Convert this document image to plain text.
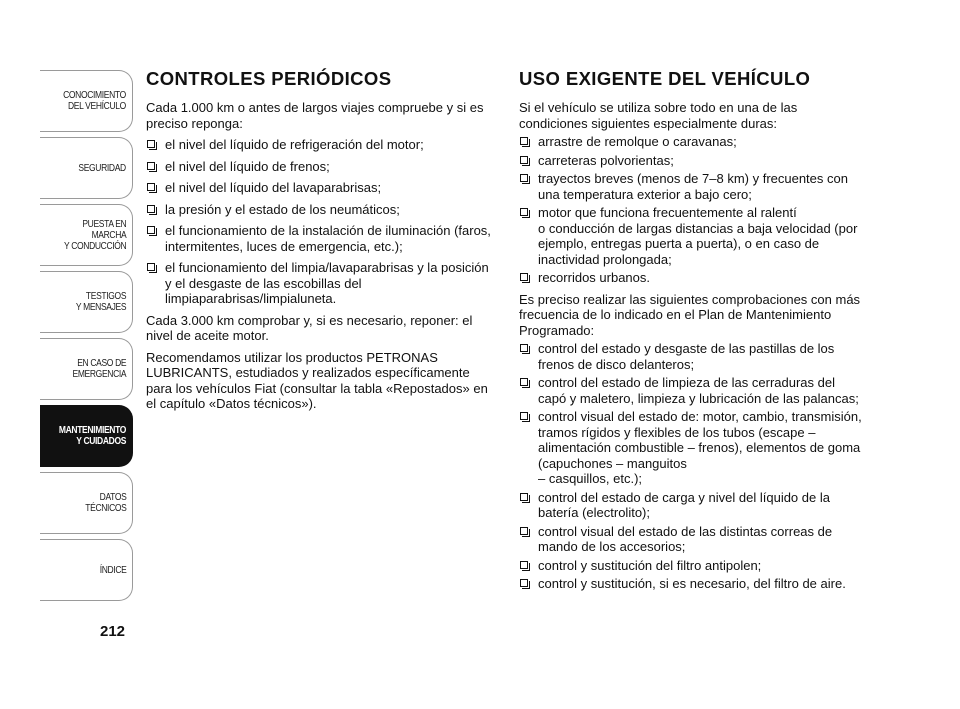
CONOCIMIENTO
DEL VEHÍCULO
SEGURIDAD
PUESTA EN
MARCHA
Y CONDUCCIÓN
TESTIGOS
Y MENSAJES
EN CASO DE
EMERGENCIA
MANTENIMIENTO
Y CUIDADOS
DATOS
TÉCNICOS
ÍNDICE
212
CONTROLES PERIÓDICOS

Cada 1.000 km o antes de largos viajes compruebe y si es preciso reponga:

el nivel del líquido de refrigeración del motor;
el nivel del líquido de frenos;
el nivel del líquido del lavaparabrisas;
la presión y el estado de los neumáticos;
el funcionamiento de la instalación de iluminación (faros, intermitentes, luces de emergencia, etc.);
el funcionamiento del limpia/lavaparabrisas y la posición y el desgaste de las escobillas del limpiaparabrisas/limpialuneta.

Cada 3.000 km comprobar y, si es necesario, reponer: el nivel de aceite motor.

Recomendamos utilizar los productos PETRONAS LUBRICANTS, estudiados y realizados específicamente para los vehículos Fiat (consultar la tabla «Repostados» en el capítulo «Datos técnicos»).

USO EXIGENTE DEL VEHÍCULO

Si el vehículo se utiliza sobre todo en una de las condiciones siguientes especialmente duras:

arrastre de remolque o caravanas;
carreteras polvorientas;
trayectos breves (menos de 7–8 km) y frecuentes con una temperatura exterior a bajo cero;
motor que funciona frecuentemente al ralentí
o conducción de largas distancias a baja velocidad (por ejemplo, entregas puerta a puerta), o en caso de inactividad prolongada;
recorridos urbanos.

Es preciso realizar las siguientes comprobaciones con más frecuencia de lo indicado en el Plan de Mantenimiento Programado:

control del estado y desgaste de las pastillas de los frenos de disco delanteros;
control del estado de limpieza de las cerraduras del capó y maletero, limpieza y lubricación de las palancas;
control visual del estado de: motor, cambio, transmisión, tramos rígidos y flexibles de los tubos (escape – alimentación combustible – frenos), elementos de goma (capuchones – manguitos
– casquillos, etc.);
control del estado de carga y nivel del líquido de la batería (electrolito);
control visual del estado de las distintas correas de mando de los accesorios;
control y sustitución del filtro antipolen;
control y sustitución, si es necesario, del filtro de aire.
